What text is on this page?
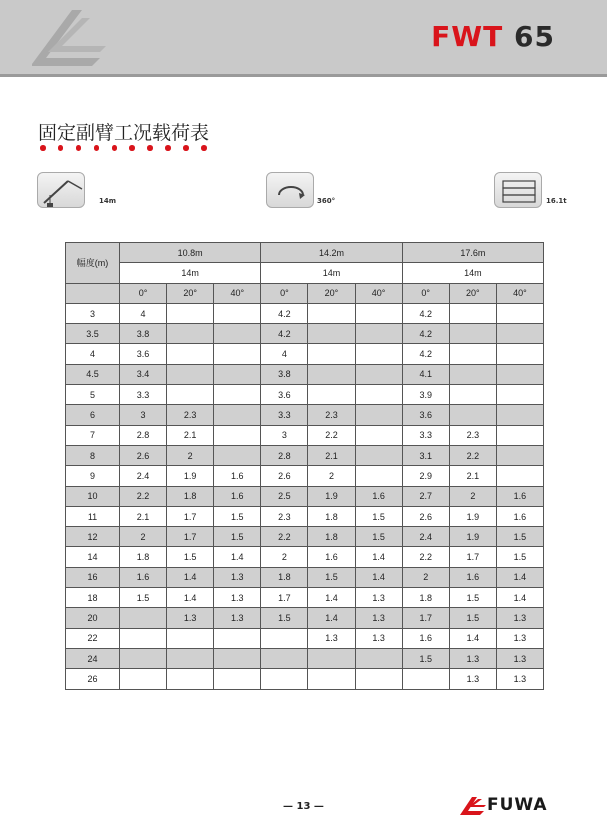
FWT 65
固定副臂工况载荷表
14m	360°	16.1t
幅度(m)	10.8m			14.2m			17.6m		
	14m			14m			14m		
	0°	20°	40°	0°	20°	40°	0°	20°	40°
3	4			4.2			4.2		
3.5	3.8			4.2			4.2		
4	3.6			4			4.2		
4.5	3.4			3.8			4.1		
5	3.3			3.6			3.9		
6	3	2.3		3.3	2.3		3.6		
7	2.8	2.1		3	2.2		3.3	2.3	
8	2.6	2		2.8	2.1		3.1	2.2	
9	2.4	1.9	1.6	2.6	2		2.9	2.1	
10	2.2	1.8	1.6	2.5	1.9	1.6	2.7	2	1.6
11	2.1	1.7	1.5	2.3	1.8	1.5	2.6	1.9	1.6
12	2	1.7	1.5	2.2	1.8	1.5	2.4	1.9	1.5
14	1.8	1.5	1.4	2	1.6	1.4	2.2	1.7	1.5
16	1.6	1.4	1.3	1.8	1.5	1.4	2	1.6	1.4
18	1.5	1.4	1.3	1.7	1.4	1.3	1.8	1.5	1.4
20		1.3	1.3	1.5	1.4	1.3	1.7	1.5	1.3
22					1.3	1.3	1.6	1.4	1.3
24							1.5	1.3	1.3
26								1.3	1.3
— 13 —	FUWA
